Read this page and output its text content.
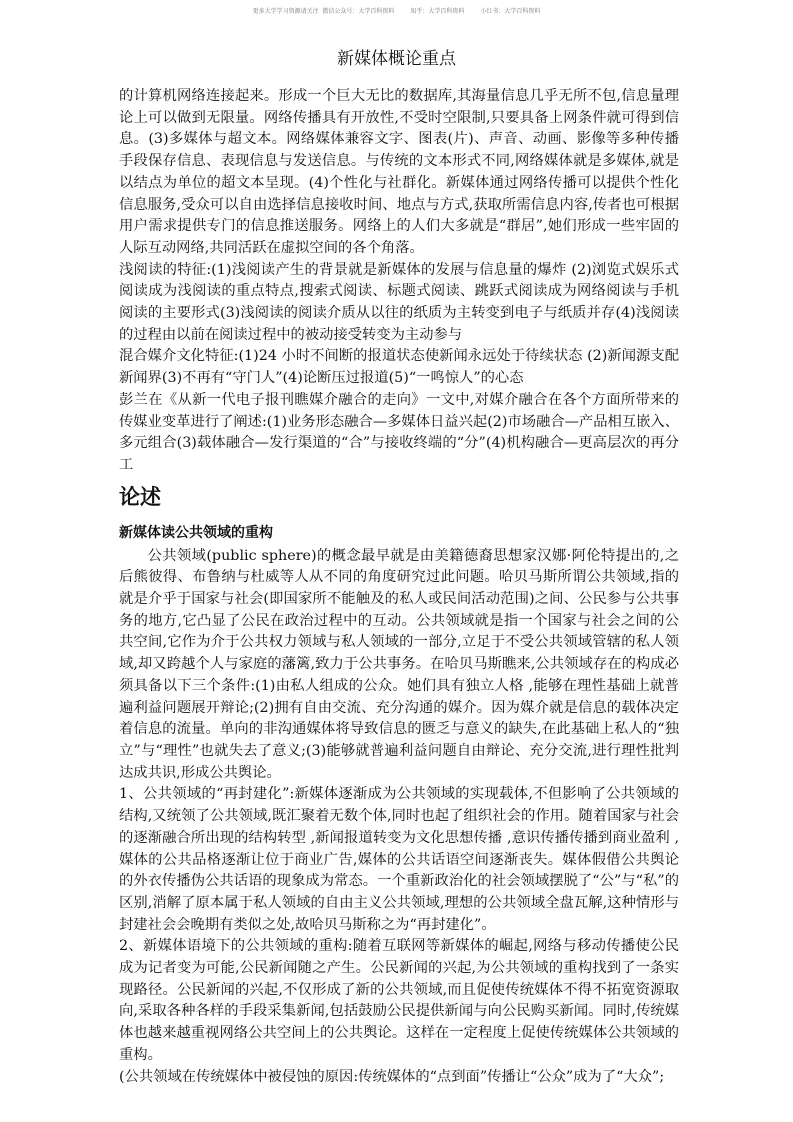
更多大学学习资源请关注  微信公众号：大学百科资料	知乎：大学百科资料	小红书：大学百科资料
新媒体概论重点

的计算机网络连接起来。形成一个巨大无比的数据库,其海量信息几乎无所不包,信息量理论上可以做到无限量。网络传播具有开放性,不受时空限制,只要具备上网条件就可得到信息。(3)多媒体与超文本。网络媒体兼容文字、图表(片)、声音、动画、影像等多种传播手段保存信息、表现信息与发送信息。与传统的文本形式不同,网络媒体就是多媒体,就是以结点为单位的超文本呈现。(4)个性化与社群化。新媒体通过网络传播可以提供个性化信息服务,受众可以自由选择信息接收时间、地点与方式,获取所需信息内容,传者也可根据用户需求提供专门的信息推送服务。网络上的人们大多就是“群居”,她们形成一些牢固的人际互动网络,共同活跃在虚拟空间的各个角落。

浅阅读的特征:(1)浅阅读产生的背景就是新媒体的发展与信息量的爆炸 (2)浏览式娱乐式阅读成为浅阅读的重点特点,搜索式阅读、标题式阅读、跳跃式阅读成为网络阅读与手机阅读的主要形式(3)浅阅读的阅读介质从以往的纸质为主转变到电子与纸质并存(4)浅阅读的过程由以前在阅读过程中的被动接受转变为主动参与

混合媒介文化特征:(1)24 小时不间断的报道状态使新闻永远处于待续状态 (2)新闻源支配新闻界(3)不再有“守门人”(4)论断压过报道(5)“一鸣惊人”的心态

彭兰在《从新一代电子报刊瞧媒介融合的走向》一文中,对媒介融合在各个方面所带来的传媒业变革进行了阐述:(1)业务形态融合—多媒体日益兴起(2)市场融合—产品相互嵌入、多元组合(3)载体融合—发行渠道的“合”与接收终端的“分”(4)机构融合—更高层次的再分工

论述
新媒体读公共领域的重构

公共领域(public sphere)的概念最早就是由美籍德裔思想家汉娜·阿伦特提出的,之后熊彼得、布鲁纳与杜威等人从不同的角度研究过此问题。哈贝马斯所谓公共领域,指的就是介乎于国家与社会(即国家所不能触及的私人或民间活动范围)之间、公民参与公共事务的地方,它凸显了公民在政治过程中的互动。公共领域就是指一个国家与社会之间的公共空间,它作为介于公共权力领域与私人领域的一部分,立足于不受公共领域管辖的私人领域,却又跨越个人与家庭的藩篱,致力于公共事务。在哈贝马斯瞧来,公共领域存在的构成必须具备以下三个条件:(1)由私人组成的公众。她们具有独立人格 ,能够在理性基础上就普遍利益问题展开辩论;(2)拥有自由交流、充分沟通的媒介。因为媒介就是信息的载体决定着信息的流量。单向的非沟通媒体将导致信息的匮乏与意义的缺失,在此基础上私人的“独立”与“理性”也就失去了意义;(3)能够就普遍利益问题自由辩论、充分交流,进行理性批判达成共识,形成公共舆论。

1、公共领域的“再封建化”:新媒体逐渐成为公共领域的实现载体,不但影响了公共领域的结构,又统领了公共领域,既汇聚着无数个体,同时也起了组织社会的作用。随着国家与社会的逐渐融合所出现的结构转型 ,新闻报道转变为文化思想传播 ,意识传播传播到商业盈利 ,媒体的公共品格逐渐让位于商业广告,媒体的公共话语空间逐渐丧失。媒体假借公共舆论的外衣传播伪公共话语的现象成为常态。一个重新政治化的社会领域摆脱了“公”与“私”的区别,消解了原本属于私人领域的自由主义公共领域,理想的公共领域全盘瓦解,这种情形与封建社会会晚期有类似之处,故哈贝马斯称之为“再封建化”。

2、新媒体语境下的公共领域的重构:随着互联网等新媒体的崛起,网络与移动传播使公民成为记者变为可能,公民新闻随之产生。公民新闻的兴起,为公共领域的重构找到了一条实现路径。公民新闻的兴起,不仅形成了新的公共领域,而且促使传统媒体不得不拓宽资源取向,采取各种各样的手段采集新闻,包括鼓励公民提供新闻与向公民购买新闻。同时,传统媒体也越来越重视网络公共空间上的公共舆论。这样在一定程度上促使传统媒体公共领域的重构。

(公共领域在传统媒体中被侵蚀的原因:传统媒体的“点到面”传播让“公众”成为了“大众”;
